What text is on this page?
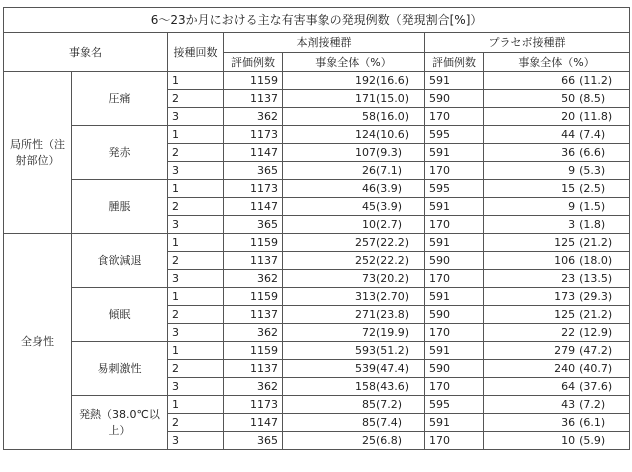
6～23か月における主な有害事象の発現例数（発現割合[%]）						
事象名		接種回数	本剤接種群		プラセボ接種群	
			評価例数	事象全体（%）	評価例数	事象全体（%）
局所性（注射部位）	圧痛	1	1159	192(16.6)	591	66 (11.2)
		2	1137	171(15.0)	590	50 (8.5)
		3	362	58(16.0)	170	20 (11.8)
	発赤	1	1173	124(10.6)	595	44 (7.4)
		2	1147	107(9.3)	591	36 (6.6)
		3	365	26(7.1)	170	9 (5.3)
	腫脹	1	1173	46(3.9)	595	15 (2.5)
		2	1147	45(3.9)	591	9 (1.5)
		3	365	10(2.7)	170	3 (1.8)
全身性	食欲減退	1	1159	257(22.2)	591	125 (21.2)
		2	1137	252(22.2)	590	106 (18.0)
		3	362	73(20.2)	170	23 (13.5)
	傾眠	1	1159	313(2.70)	591	173 (29.3)
		2	1137	271(23.8)	590	125 (21.2)
		3	362	72(19.9)	170	22 (12.9)
	易刺激性	1	1159	593(51.2)	591	279 (47.2)
		2	1137	539(47.4)	590	240 (40.7)
		3	362	158(43.6)	170	64 (37.6)
	発熱（38.0℃以上）	1	1173	85(7.2)	595	43 (7.2)
		2	1147	85(7.4)	591	36 (6.1)
		3	365	25(6.8)	170	10 (5.9)
